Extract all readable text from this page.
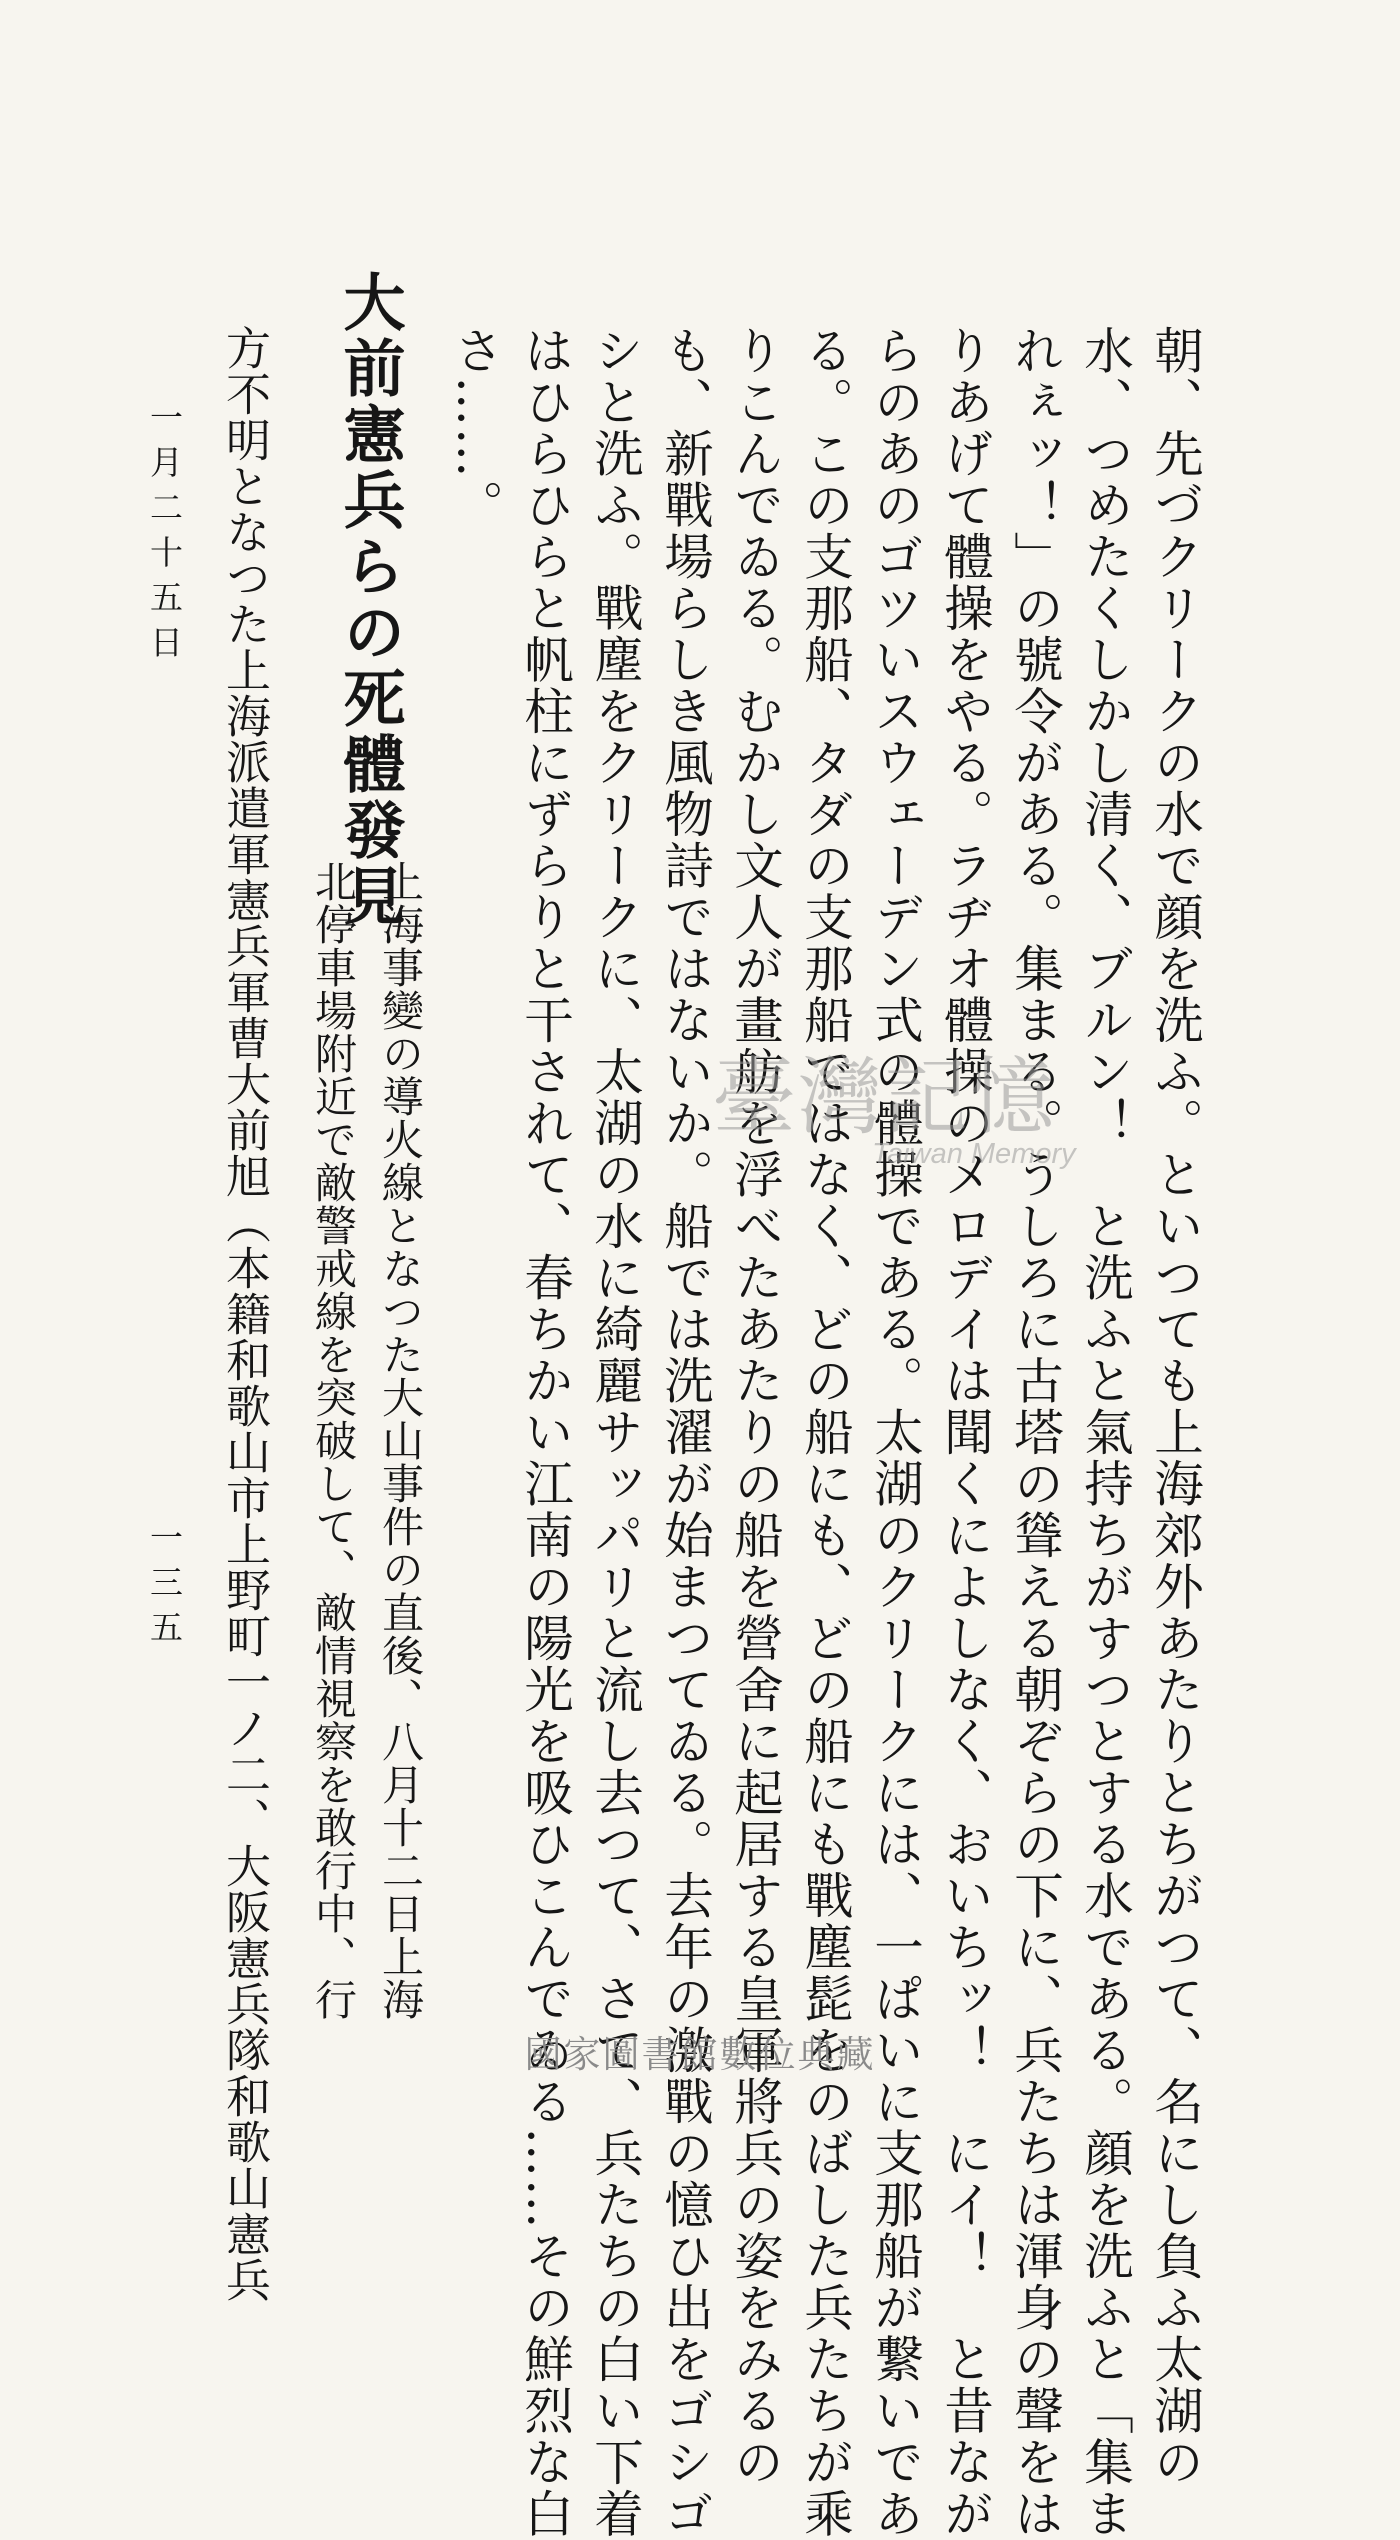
朝、先づクリークの水で顔を洗ふ。といつても上海郊外あたりとちがつて、名にし負ふ太湖の
水、つめたくしかし清く、ブルン！　と洗ふと氣持ちがすつとする水である。顔を洗ふと「集ま
れぇッ！」の號令がある。集まる。うしろに古塔の聳える朝ぞらの下に、兵たちは渾身の聲をは
りあげて體操をやる。ラヂオ體操のメロデイは聞くによしなく、おいちッ！　にイ！　と昔なが
らのあのゴツいスウェーデン式の體操である。太湖のクリークには、一ぱいに支那船が繋いであ
る。この支那船、タダの支那船ではなく、どの船にも、どの船にも戰塵髭をのばした兵たちが乘
りこんでゐる。むかし文人が畫舫を浮べたあたりの船を營舍に起居する皇軍將兵の姿をみるの
も、新戰場らしき風物詩ではないか。船では洗濯が始まつてゐる。去年の激戰の憶ひ出をゴシゴ
シと洗ふ。戰塵をクリークに、太湖の水に綺麗サッパリと流し去つて、さて、兵たちの白い下着
はひらひらと帆柱にずらりと干されて、春ちかい江南の陽光を吸ひこんでゐる……その鮮烈な白
さ……。
大前憲兵らの死體發見
上海事變の導火線となつた大山事件の直後、八月十二日上海
北停車場附近で敵警戒線を突破して、敵情視察を敢行中、行
方不明となつた上海派遣軍憲兵軍曹大前旭（本籍和歌山市上野町一ノ二、大阪憲兵隊和歌山憲兵
一月二十五日
一三五
臺灣記憶
Taiwan Memory
國家圖書館數位典藏
